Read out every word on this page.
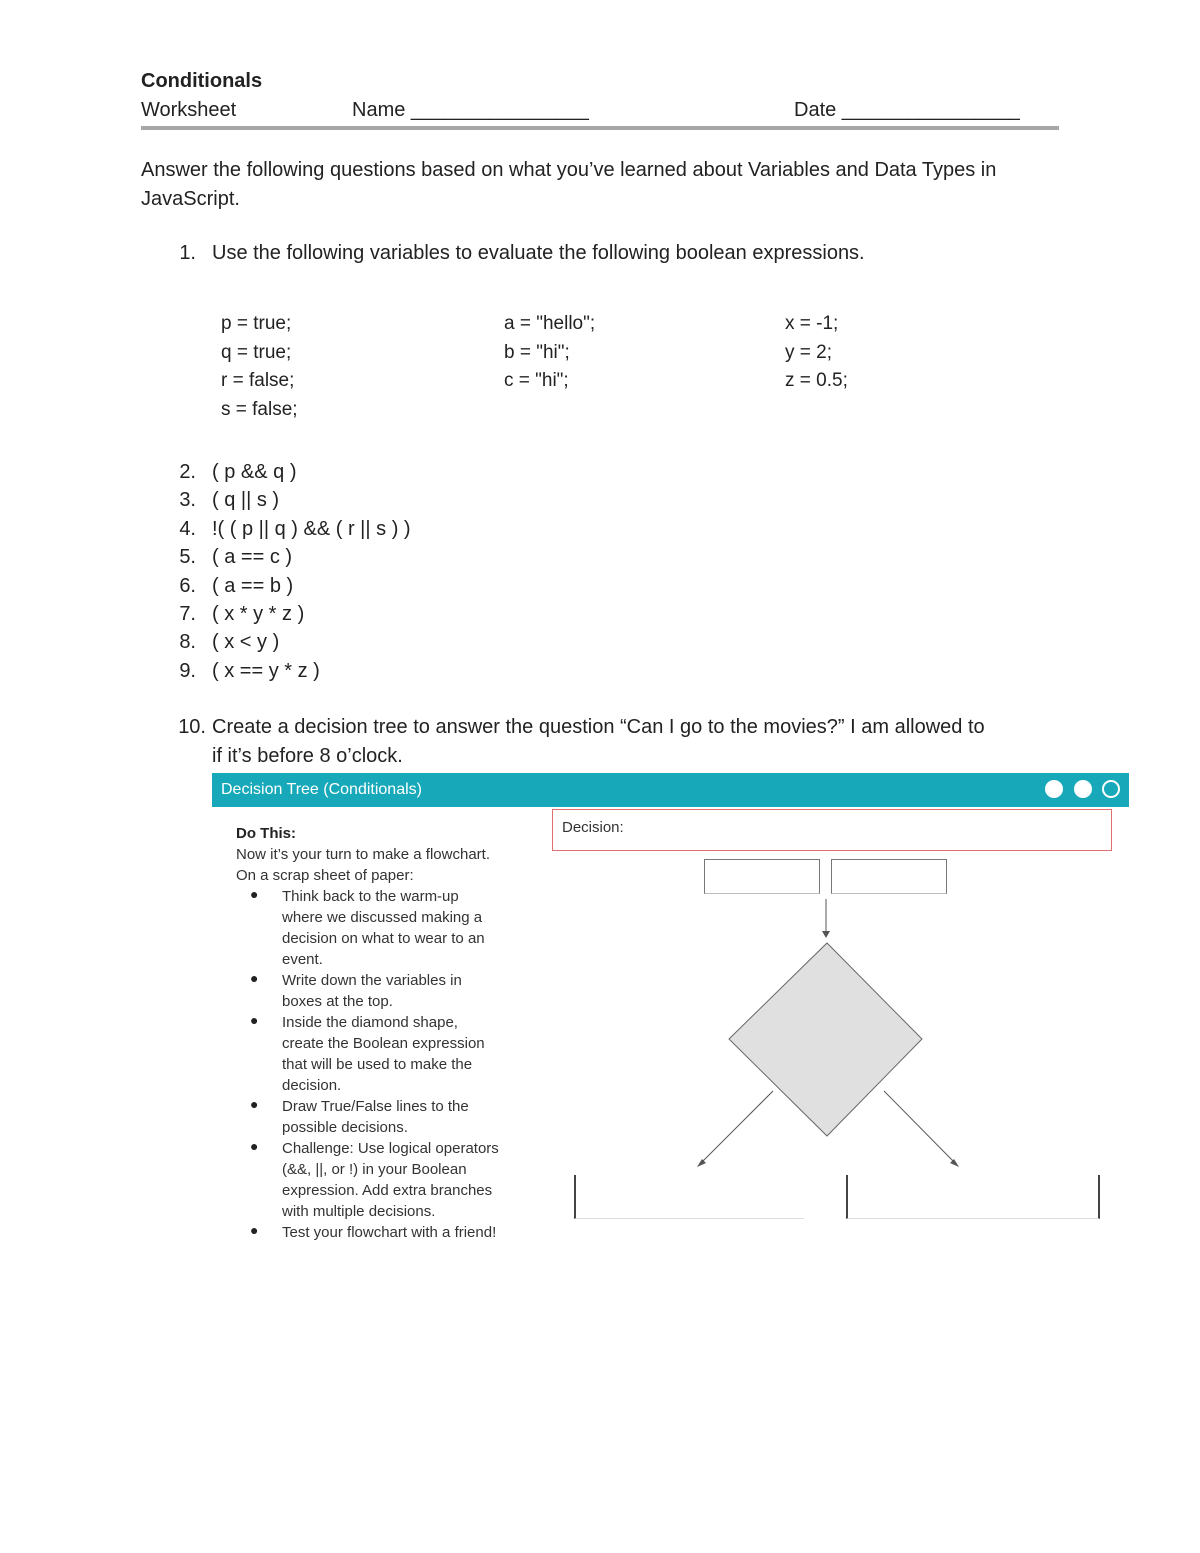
Conditionals
Worksheet	Name ________________	Date ________________
Answer the following questions based on what you’ve learned about Variables and Data Types in JavaScript.
1. Use the following variables to evaluate the following boolean expressions.
p = true;
q = true;
r = false;
s = false;
a = "hello";
b = "hi";
c = "hi";
x = -1;
y = 2;
z = 0.5;
2. ( p && q )
3. ( q || s )
4. !( ( p || q ) && ( r || s ) )
5. ( a == c )
6. ( a == b )
7. ( x * y * z )
8. ( x < y )
9. ( x == y * z )
10. Create a decision tree to answer the question “Can I go to the movies?” I am allowed to
if it’s before 8 o’clock.
Decision Tree (Conditionals)
Do This:
Now it’s your turn to make a flowchart.
On a scrap sheet of paper:
● Think back to the warm-up
where we discussed making a
decision on what to wear to an
event.
● Write down the variables in
boxes at the top.
● Inside the diamond shape,
create the Boolean expression
that will be used to make the
decision.
● Draw True/False lines to the
possible decisions.
● Challenge: Use logical operators
(&&, ||, or !) in your Boolean
expression. Add extra branches
with multiple decisions.
● Test your flowchart with a friend!
Decision:
